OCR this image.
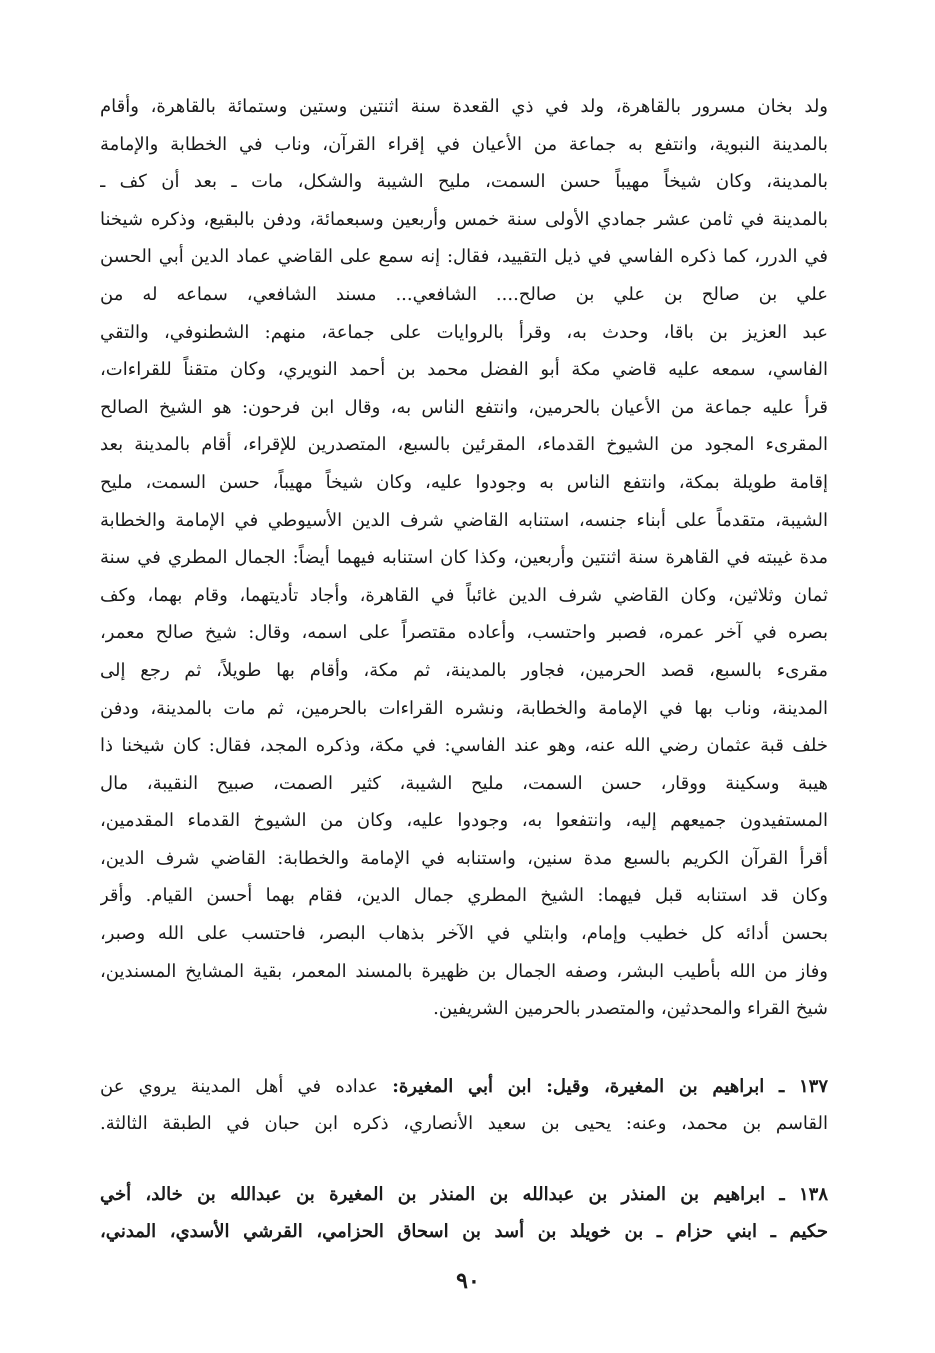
ولد بخان مسرور بالقاهرة، ولد في ذي القعدة سنة اثنتين وستين وستمائة بالقاهرة، وأقام
بالمدينة النبوية، وانتفع به جماعة من الأعيان في إقراء القرآن، وناب في الخطابة والإمامة
بالمدينة، وكان شيخاً مهيباً حسن السمت، مليح الشيبة والشكل، مات ـ بعد أن كف ـ
بالمدينة في ثامن عشر جمادي الأولى سنة خمس وأربعين وسبعمائة، ودفن بالبقيع، وذكره شيخنا
في الدرر، كما ذكره الفاسي في ذيل التقييد، فقال: إنه سمع على القاضي عماد الدين أبي الحسن
علي بن صالح بن علي بن صالح.... الشافعي... مسند الشافعي، سماعه له من
عبد العزيز بن باقا، وحدث به، وقرأ بالروايات على جماعة، منهم: الشطنوفي، والتقي
الفاسي، سمعه عليه قاضي مكة أبو الفضل محمد بن أحمد النويري، وكان متقناً للقراءات،
قرأ عليه جماعة من الأعيان بالحرمين، وانتفع الناس به، وقال ابن فرحون: هو الشيخ الصالح
المقرىء المجود من الشيوخ القدماء، المقرئين بالسبع، المتصدرين للإقراء، أقام بالمدينة بعد
إقامة طويلة بمكة، وانتفع الناس به وجودوا عليه، وكان شيخاً مهيباً، حسن السمت، مليح
الشيبة، متقدماً على أبناء جنسه، استنابه القاضي شرف الدين الأسيوطي في الإمامة والخطابة
مدة غيبته في القاهرة سنة اثنتين وأربعين، وكذا كان استنابه فيهما أيضاً: الجمال المطري في سنة
ثمان وثلاثين، وكان القاضي شرف الدين غائباً في القاهرة، وأجاد تأديتهما، وقام بهما، وكف
بصره في آخر عمره، فصبر واحتسب، وأعاده مقتصراً على اسمه، وقال: شيخ صالح معمر،
مقرىء بالسبع، قصد الحرمين، فجاور بالمدينة، ثم مكة، وأقام بها طويلاً، ثم رجع إلى
المدينة، وناب بها في الإمامة والخطابة، ونشره القراءات بالحرمين، ثم مات بالمدينة، ودفن
خلف قبة عثمان رضي الله عنه، وهو عند الفاسي: في مكة، وذكره المجد، فقال: كان شيخنا ذا
هيبة وسكينة ووقار، حسن السمت، مليح الشيبة، كثير الصمت، صبيح النقيبة، مال
المستفيدون جميعهم إليه، وانتفعوا به، وجودوا عليه، وكان من الشيوخ القدماء المقدمين،
أقرأ القرآن الكريم بالسبع مدة سنين، واستنابه في الإمامة والخطابة: القاضي شرف الدين،
وكان قد استنابه قبل فيهما: الشيخ المطري جمال الدين، فقام بهما أحسن القيام. وأقر
بحسن أدائه كل خطيب وإمام، وابتلي في الآخر بذهاب البصر، فاحتسب على الله وصبر،
وفاز من الله بأطيب البشر، وصفه الجمال بن ظهيرة بالمسند المعمر، بقية المشايخ المسندين،
شيخ القراء والمحدثين، والمتصدر بالحرمين الشريفين.
١٣٧ ـ ابراهيم بن المغيرة، وقيل: ابن أبي المغيرة: عداده في أهل المدينة يروي عن
القاسم بن محمد، وعنه: يحيى بن سعيد الأنصاري، ذكره ابن حبان في الطبقة الثالثة.
١٣٨ ـ ابراهيم بن المنذر بن عبدالله بن المنذر بن المغيرة بن عبدالله بن خالد، أخي
حكيم ـ ابني حزام ـ بن خويلد بن أسد بن اسحاق الحزامي، القرشي الأسدي، المدني،
٩٠
